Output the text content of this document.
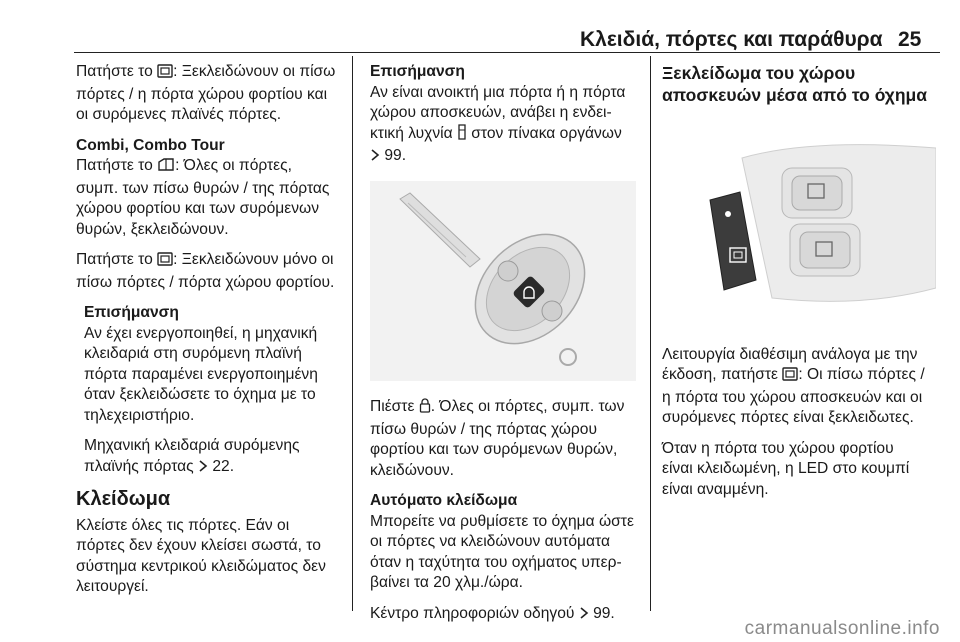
Κλειδιά, πόρτες και παράθυρα 25

Πατήστε το : Ξεκλειδώνουν οι πίσω
πόρτες / η πόρτα χώρου φορτίου και
οι συρόμενες πλαϊνές πόρτες.

Combi, Combo Tour

Πατήστε το : Όλες οι πόρτες,
συμπ. των πίσω θυρών / της πόρτας
χώρου φορτίου και των συρόμενων
θυρών, ξεκλειδώνουν.

Πατήστε το : Ξεκλειδώνουν μόνο οι
πίσω πόρτες / πόρτα χώρου φορτίου.

Επισήμανση

Αν έχει ενεργοποιηθεί, η μηχανική
κλειδαριά στη συρόμενη πλαϊνή
πόρτα παραμένει ενεργοποιημένη
όταν ξεκλειδώσετε το όχημα με το
τηλεχειριστήριο.

Μηχανική κλειδαριά συρόμενης
πλαϊνής πόρτας  22.

Κλείδωμα

Κλείστε όλες τις πόρτες. Εάν οι
πόρτες δεν έχουν κλείσει σωστά, το
σύστημα κεντρικού κλειδώματος δεν
λειτουργεί.

Επισήμανση

Αν είναι ανοικτή μια πόρτα ή η πόρτα
χώρου αποσκευών, ανάβει η ενδει-
κτική λυχνία  στον πίνακα οργάνων
99.

Πιέστε . Όλες οι πόρτες, συμπ. των
πίσω θυρών / της πόρτας χώρου
φορτίου και των συρόμενων θυρών,
κλειδώνουν.

Αυτόματο κλείδωμα

Μπορείτε να ρυθμίσετε το όχημα ώστε
οι πόρτες να κλειδώνουν αυτόματα
όταν η ταχύτητα του οχήματος υπερ-
βαίνει τα 20 χλμ./ώρα.

Κέντρο πληροφοριών οδηγού  99.

Ξεκλείδωμα του χώρου
αποσκευών μέσα από το όχημα

Λειτουργία διαθέσιμη ανάλογα με την
έκδοση, πατήστε : Οι πίσω πόρτες /
η πόρτα του χώρου αποσκευών και οι
συρόμενες πόρτες είναι ξεκλειδωτες.

Όταν η πόρτα του χώρου φορτίου
είναι κλειδωμένη, η LED στο κουμπί
είναι αναμμένη.

carmanualsonline.info
